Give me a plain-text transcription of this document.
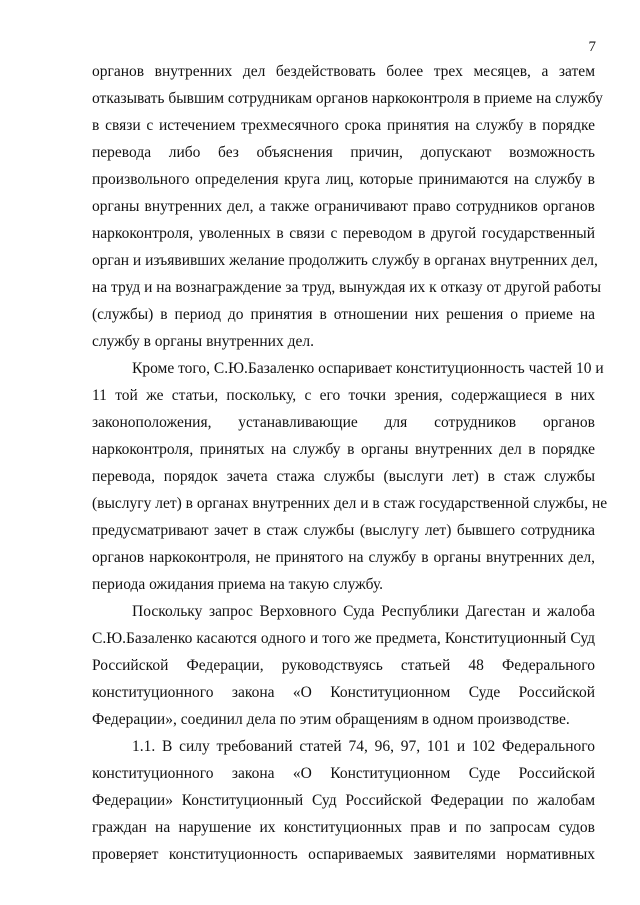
7
органов внутренних дел бездействовать более трех месяцев, а затем
отказывать бывшим сотрудникам органов наркоконтроля в приеме на службу
в связи с истечением трехмесячного срока принятия на службу в порядке
перевода либо без объяснения причин, допускают возможность
произвольного определения круга лиц, которые принимаются на службу в
органы внутренних дел, а также ограничивают право сотрудников органов
наркоконтроля, уволенных в связи с переводом в другой государственный
орган и изъявивших желание продолжить службу в органах внутренних дел,
на труд и на вознаграждение за труд, вынуждая их к отказу от другой работы
(службы) в период до принятия в отношении них решения о приеме на
службу в органы внутренних дел.
Кроме того, С.Ю.Базаленко оспаривает конституционность частей 10 и
11 той же статьи, поскольку, с его точки зрения, содержащиеся в них
законоположения, устанавливающие для сотрудников органов
наркоконтроля, принятых на службу в органы внутренних дел в порядке
перевода, порядок зачета стажа службы (выслуги лет) в стаж службы
(выслугу лет) в органах внутренних дел и в стаж государственной службы, не
предусматривают зачет в стаж службы (выслугу лет) бывшего сотрудника
органов наркоконтроля, не принятого на службу в органы внутренних дел,
периода ожидания приема на такую службу.
Поскольку запрос Верховного Суда Республики Дагестан и жалоба
С.Ю.Базаленко касаются одного и того же предмета, Конституционный Суд
Российской Федерации, руководствуясь статьей 48 Федерального
конституционного закона «О Конституционном Суде Российской
Федерации», соединил дела по этим обращениям в одном производстве.
1.1. В силу требований статей 74, 96, 97, 101 и 102 Федерального
конституционного закона «О Конституционном Суде Российской
Федерации» Конституционный Суд Российской Федерации по жалобам
граждан на нарушение их конституционных прав и по запросам судов
проверяет конституционность оспариваемых заявителями нормативных
